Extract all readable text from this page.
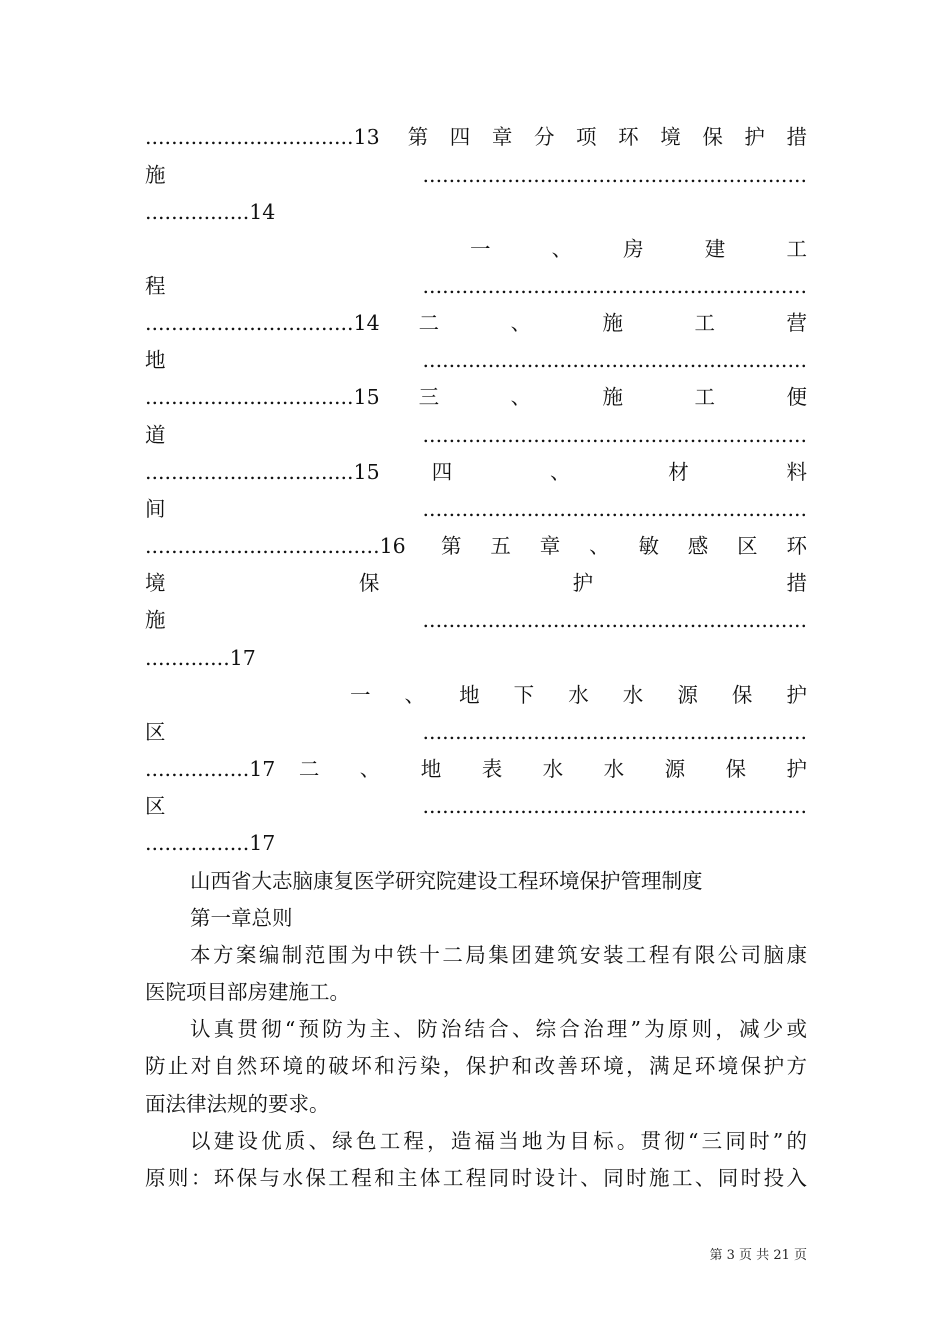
................................13 第四章分项环境保护措
施...........................................................
................14
一　、　房　建　工
程...........................................................
................................14 二 、 施 工 营
地...........................................................
................................15 三 、 施 工 便
道...........................................................
................................15 四 、 材 料
间...........................................................
....................................16 第五章、敏感区环
境　　　　　　保　　　　　　护　　　　　　措
施...........................................................
.............17
一 、 地 下 水 水 源 保 护
区...........................................................
................17 二 、 地 表 水 水 源 保 护
区...........................................................
................17
山西省大志脑康复医学研究院建设工程环境保护管理制度
第一章总则
本方案编制范围为中铁十二局集团建筑安装工程有限公司脑康
医院项目部房建施工。
认真贯彻“预防为主、防治结合、综合治理”为原则，减少或
防止对自然环境的破坏和污染，保护和改善环境，满足环境保护方
面法律法规的要求。
以建设优质、绿色工程，造福当地为目标。贯彻“三同时”的
原则：环保与水保工程和主体工程同时设计、同时施工、同时投入
第 3 页 共 21 页
